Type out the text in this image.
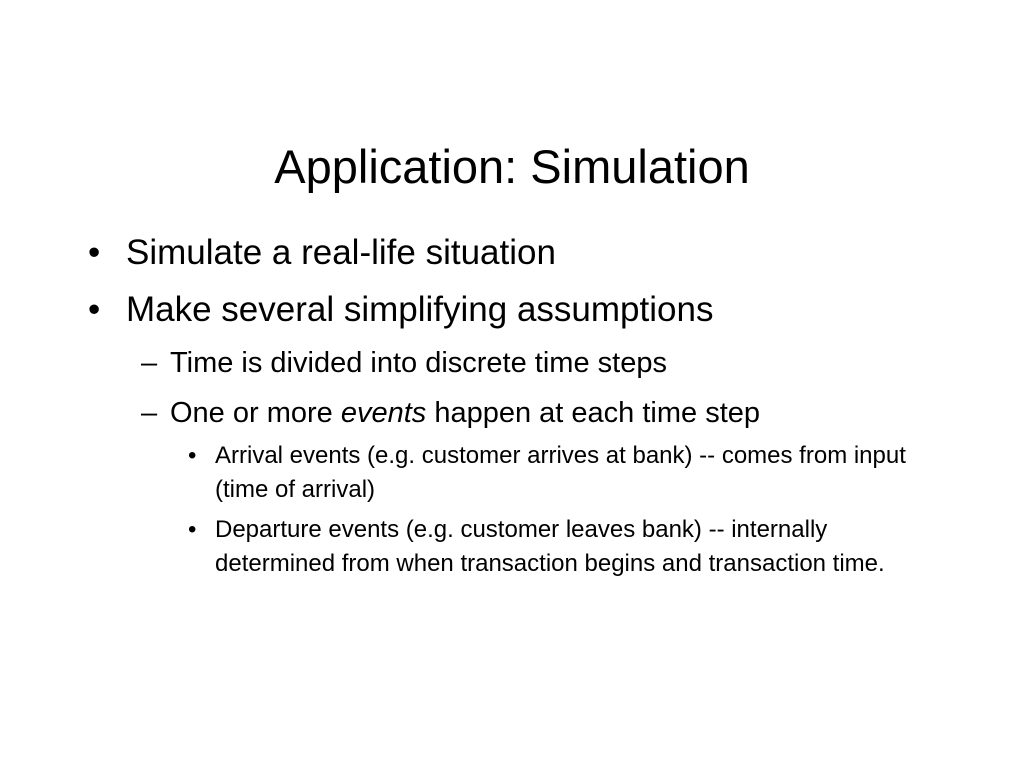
Application: Simulation
• Simulate a real-life situation
• Make several simplifying assumptions
– Time is divided into discrete time steps
– One or more events happen at each time step
• Arrival events (e.g. customer arrives at bank) -- comes from input (time of arrival)
• Departure events (e.g. customer leaves bank) -- internally determined from when transaction begins and transaction time.
